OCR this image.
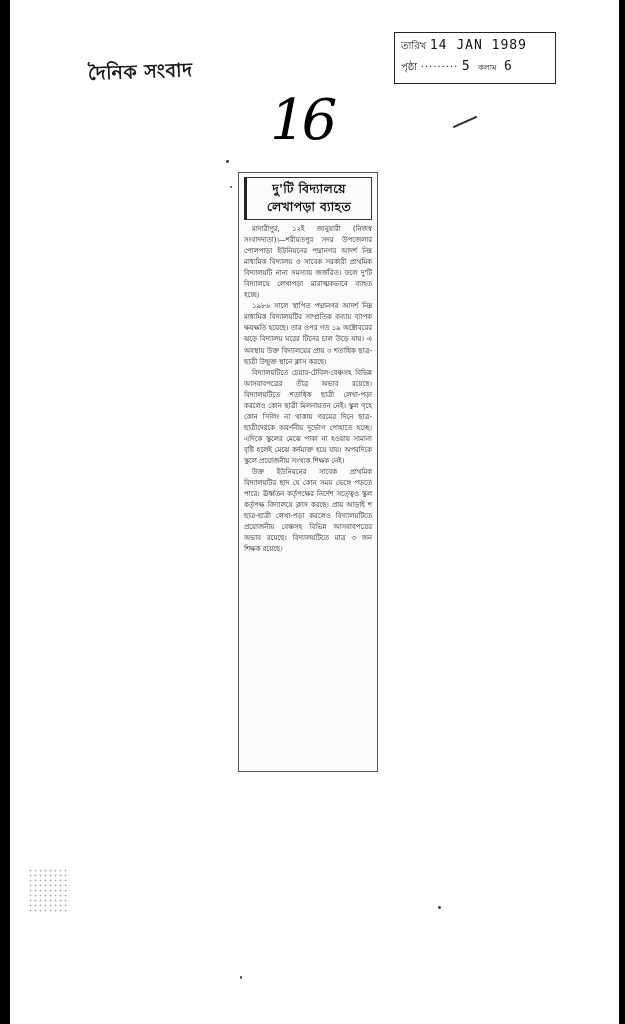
দৈনিক সংবাদ
তারিখ 14 JAN 1989
পৃষ্ঠা ········· 5 কলাম 6
16
দু'টি বিদ্যালয়ে
লেখাপড়া ব্যাহত

মাদারীপুর, ১২ই জানুয়ারী (নিজস্ব সংবাদদাতা)।—শরীয়তপুর সদর উপজেলার পোলপাড়া ইউনিয়নের পদ্মানগর আদর্শ নিম্ন মাধ্যমিক বিদ্যালয় ও সাবেক সরকারী প্রাথমিক বিদ্যালয়টি নানা সমস্যায় জর্জরিত। ফলে দু'টি বিদ্যালয়ে লেখাপড়া মারাত্মকভাবে ব্যাহত হচ্ছে।

১৯৮৬ সালে স্থাপিত পদ্মানগর আদর্শ নিম্ন মাধ্যমিক বিদ্যালয়টির সাম্প্রতিক বন্যায় ব্যাপক ক্ষয়ক্ষতি হয়েছে। তার ওপর গত ১৯ অক্টোবরের ঝড়ে বিদ্যালয় ঘরের টিনের চাল উড়ে যায়। এ অবস্থায় উক্ত বিদ্যালয়ের প্রায় ৩ শতাধিক ছাত্র-ছাত্রী উন্মুক্ত স্থানে ক্লাস করছে।

বিদ্যালয়টিতে চেয়ার-টেবিল-বেঞ্চসহ বিভিন্ন আসবাবপত্রের তীব্র অভাব রয়েছে। বিদ্যালয়টিতে শতাধিক ছাত্রী লেখা-পড়া করলেও কোন ছাত্রী মিলনায়তন নেই। স্কুল গৃহে কোন সিলিং না থাকায় গরমের দিনে ছাত্র-ছাত্রীদেরকে অবর্ণনীয় দুর্ভোগ পোহাতে হচ্ছে। এদিকে স্কুলের মেঝে পাকা না হওয়ায় সামান্য বৃষ্টি হলেই মেঝে কর্দমাক্ত হয়ে যায়। অপরদিকে স্কুলে প্রয়োজনীয় সংখ্যক শিক্ষক নেই।

উক্ত ইউনিয়নের সাবেক প্রাথমিক বিদ্যালয়টির ছাদ যে কোন সময় ভেঙ্গে পড়তে পারে। ঊর্ধ্বতন কর্তৃপক্ষের নির্দেশ সত্ত্বেও স্কুল কর্তৃপক্ষ বিদ্যালয়ে ক্লাস করছে। প্রায় আড়াই শ ছাত্র-ছাত্রী লেখা-পড়া করলেও বিদ্যালয়টিতে প্রয়োজনীয় বেঞ্চসহ বিভিন্ন আসবাবপত্রের অভাব রয়েছে। বিদ্যালয়টিতে মাত্র ৩ জন শিক্ষক রয়েছে।
